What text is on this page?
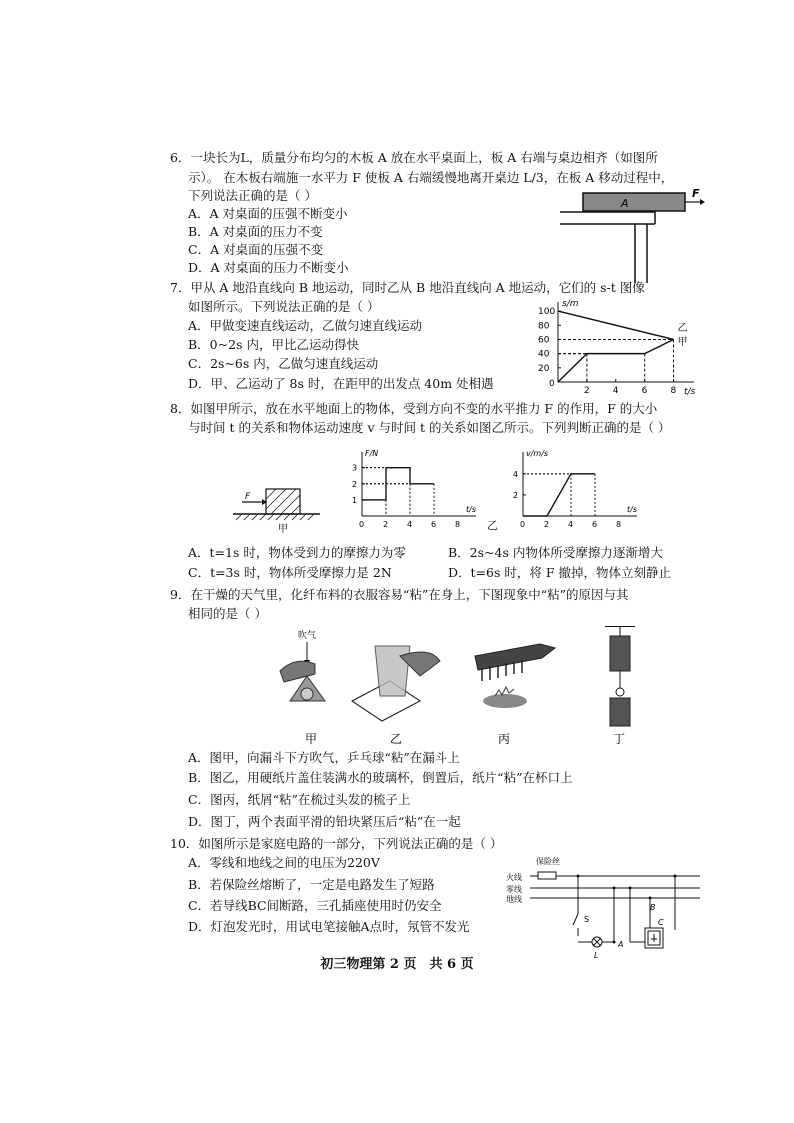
6．一块长为L，质量分布均匀的木板 A 放在水平桌面上，板 A 右端与桌边相齐（如图所
示）。 在木板右端施一水平力 F 使板 A 右端缓慢地离开桌边 L/3，在板 A 移动过程中，
下列说法正确的是（ ）
A．A 对桌面的压强不断变小
B．A 对桌面的压力不变
C．A 对桌面的压强不变
D．A 对桌面的压力不断变小
A
F
7．甲从 A 地沿直线向 B 地运动，同时乙从 B 地沿直线向 A 地运动，它们的 s-t 图像
如图所示。下列说法正确的是（ ）
A．甲做变速直线运动，乙做匀速直线运动
B．0~2s 内，甲比乙运动得快
C．2s~6s 内，乙做匀速直线运动
D．甲、乙运动了 8s 时，在距甲的出发点 40m 处相遇
s/m
t/s
2	4	6	8
0
20
40
60
80
100
乙
甲
8．如图甲所示，放在水平地面上的物体，受到方向不变的水平推力 F 的作用，F 的大小
与时间 t 的关系和物体运动速度 v 与时间 t 的关系如图乙所示。下列判断正确的是（ ）
F
甲
F/N
t/s
0 2 4 6 8
1
2
3
v/m/s
t/s
0 2 4 6 8
2
4
乙
A．t=1s 时，物体受到力的摩擦力为零	B．2s~4s 内物体所受摩擦力逐渐增大
C．t=3s 时，物体所受摩擦力是 2N	D．t=6s 时，将 F 撤掉，物体立刻静止
9．在干燥的天气里，化纤布料的衣服容易“粘”在身上，下图现象中“粘”的原因与其
相同的是（ ）
吹气
甲	乙	丙	丁
A．图甲，向漏斗下方吹气，乒乓球“粘”在漏斗上
B．图乙，用硬纸片盖住装满水的玻璃杯，倒置后，纸片“粘”在杯口上
C．图丙，纸屑“粘”在梳过头发的梳子上
D．图丁，两个表面平滑的铅块紧压后“粘”在一起
10．如图所示是家庭电路的一部分，下列说法正确的是（ ）
A．零线和地线之间的电压为220V
B．若保险丝熔断了，一定是电路发生了短路
C．若导线BC间断路，三孔插座使用时仍安全
D．灯泡发光时，用试电笔接触A点时，氖管不发光
火线
零线
地线
保险丝
S
L
A
B
C
初三物理第 2 页　共 6 页
